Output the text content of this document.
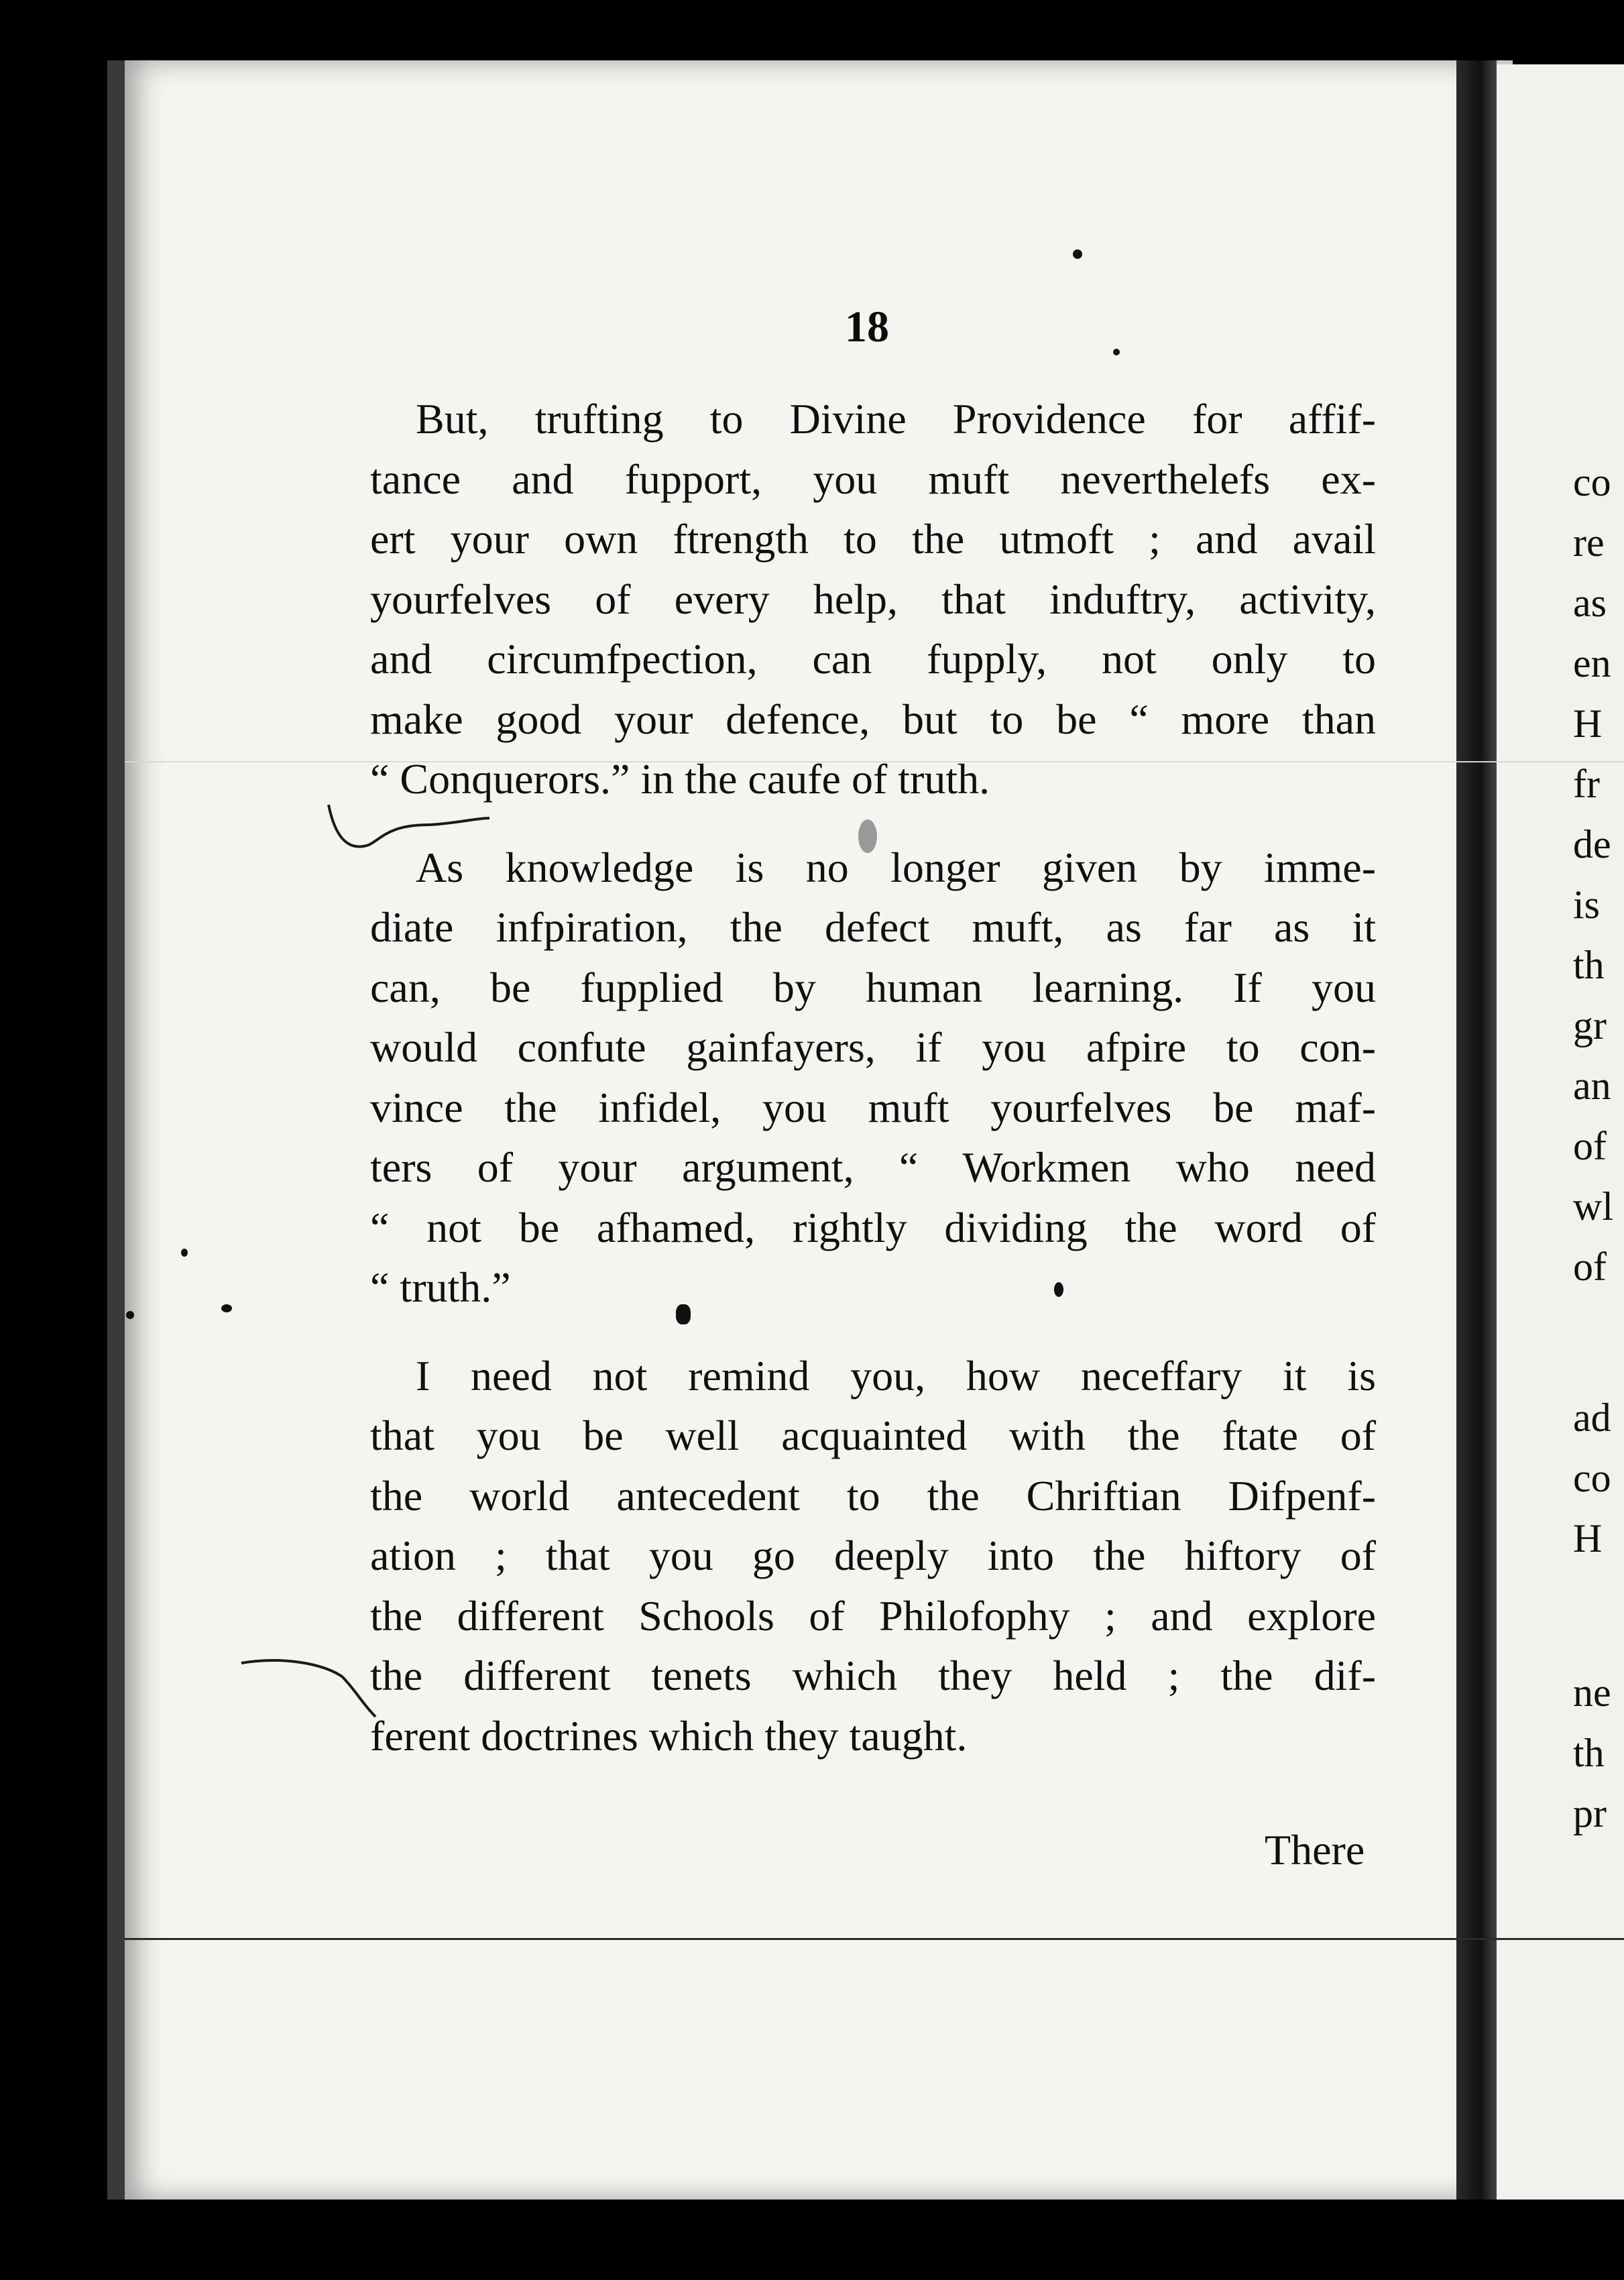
18

But, trufting to Divine Providence for affif-
tance and fupport, you muft neverthelefs ex-
ert your own ftrength to the utmoft ; and avail
yourfelves of every help, that induftry, activity,
and circumfpection, can fupply, not only to
make good your defence, but to be “ more than
“ Conquerors.” in the caufe of truth.

As knowledge is no longer given by imme-
diate infpiration, the defect muft, as far as it
can, be fupplied by human learning. If you
would confute gainfayers, if you afpire to con-
vince the infidel, you muft yourfelves be maf-
ters of your argument, “ Workmen who need
“ not be afhamed, rightly dividing the word of
“ truth.”

I need not remind you, how neceffary it is
that you be well acquainted with the ftate of
the world antecedent to the Chriftian Difpenf-
ation ; that you go deeply into the hiftory of
the different Schools of Philofophy ; and explore
the different tenets which they held ; the dif-
ferent doctrines which they taught.

There
co
re
as
en
H
fr
de
is
th
gr
an
of
wl
of
ad
co
H
ne
th
pr
